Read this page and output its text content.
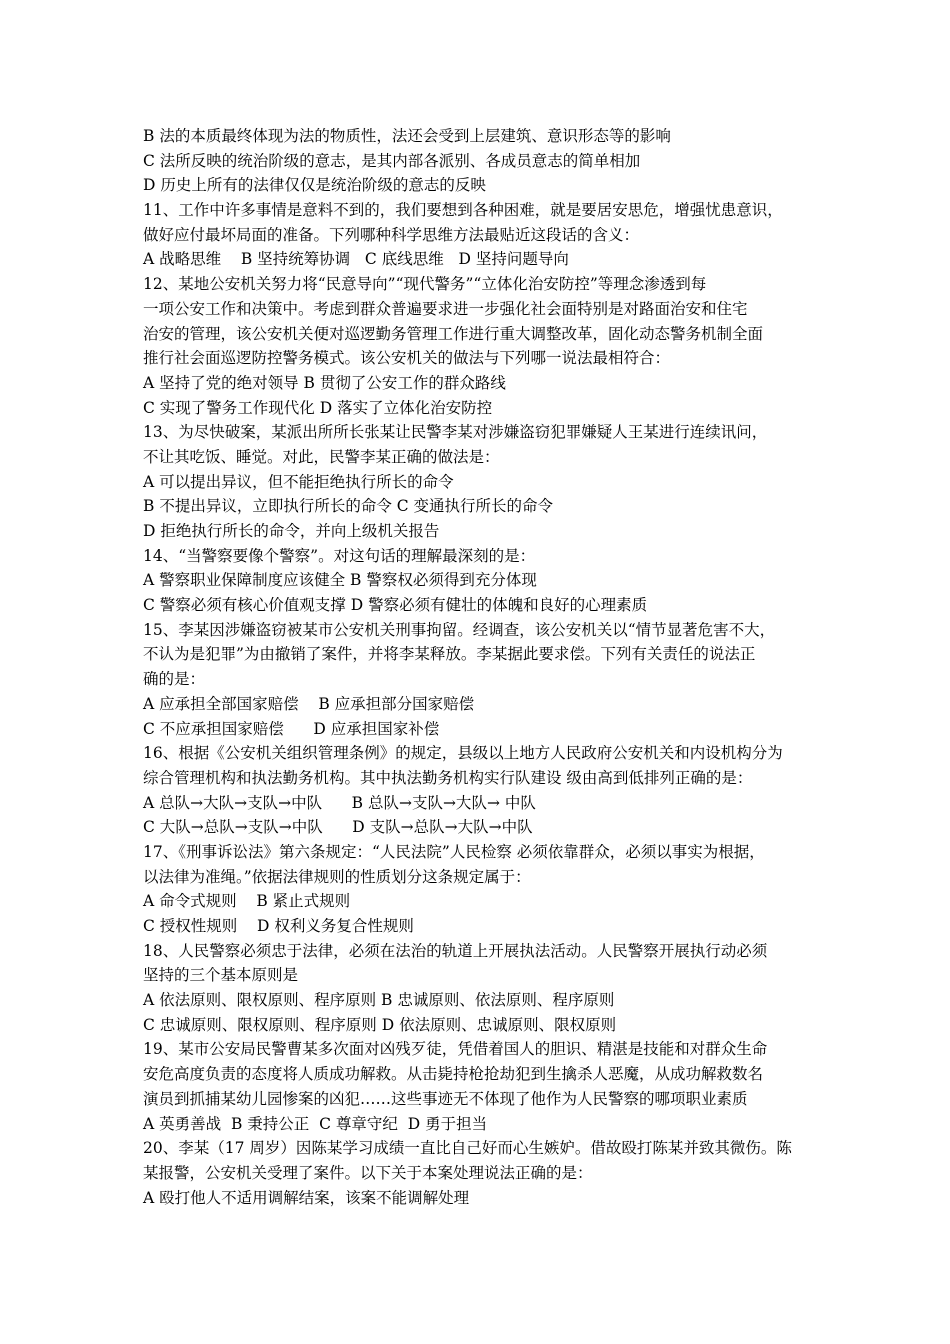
B 法的本质最终体现为法的物质性，法还会受到上层建筑、意识形态等的影响
C 法所反映的统治阶级的意志，是其内部各派别、各成员意志的简单相加
D 历史上所有的法律仅仅是统治阶级的意志的反映
11、工作中许多事情是意料不到的，我们要想到各种困难，就是要居安思危，增强忧患意识，
做好应付最坏局面的准备。下列哪种科学思维方法最贴近这段话的含义：
A 战略思维    B 坚持统筹协调   C 底线思维   D 坚持问题导向
12、某地公安机关努力将“民意导向”“现代警务”“立体化治安防控”等理念渗透到每
一项公安工作和决策中。考虑到群众普遍要求进一步强化社会面特别是对路面治安和住宅
治安的管理，该公安机关便对巡逻勤务管理工作进行重大调整改革，固化动态警务机制全面
推行社会面巡逻防控警务模式。该公安机关的做法与下列哪一说法最相符合：
A 坚持了党的绝对领导 B 贯彻了公安工作的群众路线
C 实现了警务工作现代化 D 落实了立体化治安防控
13、为尽快破案，某派出所所长张某让民警李某对涉嫌盗窃犯罪嫌疑人王某进行连续讯问，
不让其吃饭、睡觉。对此，民警李某正确的做法是：
A 可以提出异议，但不能拒绝执行所长的命令
B 不提出异议，立即执行所长的命令 C 变通执行所长的命令
D 拒绝执行所长的命令，并向上级机关报告
14、“当警察要像个警察”。对这句话的理解最深刻的是：
A 警察职业保障制度应该健全 B 警察权必须得到充分体现
C 警察必须有核心价值观支撑 D 警察必须有健壮的体魄和良好的心理素质
15、李某因涉嫌盗窃被某市公安机关刑事拘留。经调查，该公安机关以“情节显著危害不大，
不认为是犯罪”为由撤销了案件，并将李某释放。李某据此要求偿。下列有关责任的说法正
确的是：
A 应承担全部国家赔偿    B 应承担部分国家赔偿
C 不应承担国家赔偿      D 应承担国家补偿
16、根据《公安机关组织管理条例》的规定，县级以上地方人民政府公安机关和内设机构分为
综合管理机构和执法勤务机构。其中执法勤务机构实行队建设 级由高到低排列正确的是：
A 总队→大队→支队→中队      B 总队→支队→大队→ 中队
C 大队→总队→支队→中队      D 支队→总队→大队→中队
17、《刑事诉讼法》第六条规定：“人民法院”人民检察 必须依靠群众，必须以事实为根据，
以法律为准绳。”依据法律规则的性质划分这条规定属于：
A 命令式规则    B 紧止式规则
C 授权性规则    D 权利义务复合性规则
18、人民警察必须忠于法律，必须在法治的轨道上开展执法活动。人民警察开展执行动必须
坚持的三个基本原则是
A 依法原则、限权原则、程序原则 B 忠诚原则、依法原则、程序原则
C 忠诚原则、限权原则、程序原则 D 依法原则、忠诚原则、限权原则
19、某市公安局民警曹某多次面对凶残歹徒，凭借着国人的胆识、精湛是技能和对群众生命
安危高度负责的态度将人质成功解救。从击毙持枪抢劫犯到生擒杀人恶魔，从成功解救数名
演员到抓捕某幼儿园惨案的凶犯……这些事迹无不体现了他作为人民警察的哪项职业素质
A 英勇善战  B 秉持公正  C 尊章守纪  D 勇于担当
20、李某（17 周岁）因陈某学习成绩一直比自己好而心生嫉妒。借故殴打陈某并致其微伤。陈
某报警，公安机关受理了案件。以下关于本案处理说法正确的是：
A 殴打他人不适用调解结案，该案不能调解处理
